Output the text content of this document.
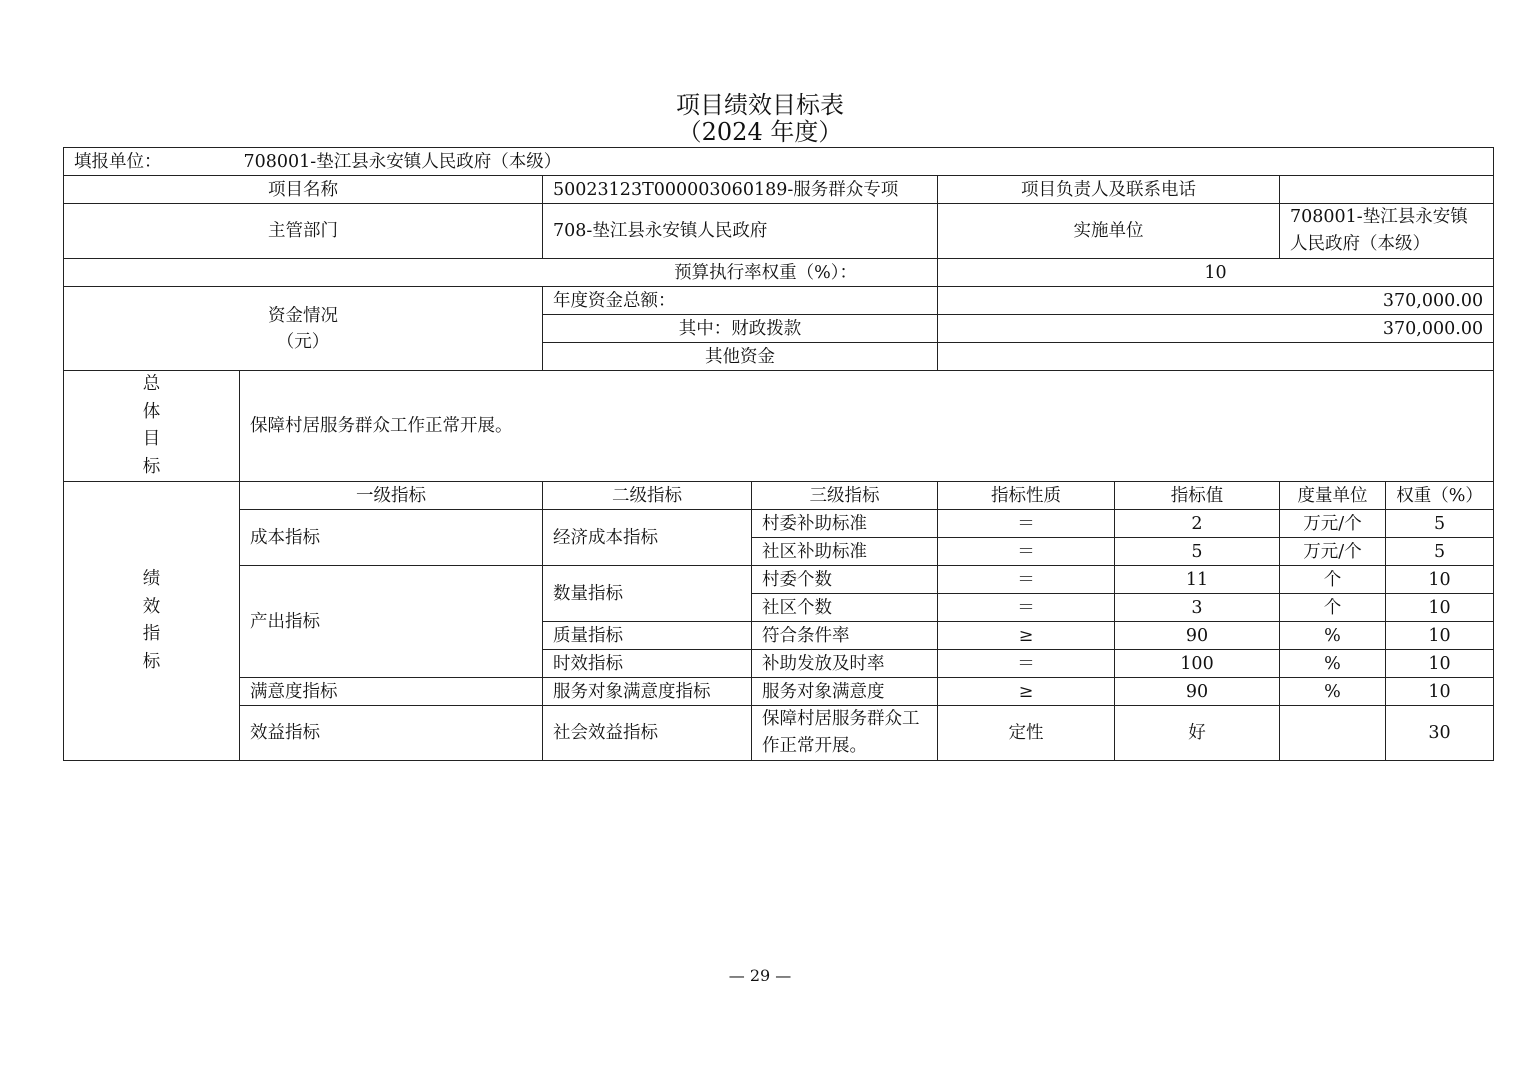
项目绩效目标表
（2024 年度）
填报单位： 708001-垫江县永安镇人民政府（本级）							
项目名称		50023123T000003060189-服务群众专项		项目负责人及联系电话			
主管部门		708-垫江县永安镇人民政府		实施单位		708001-垫江县永安镇人民政府（本级）	
预算执行率权重（%）：				10			

资金情况
（元）		年度资金总额：		370,000.00			
		其中：财政拨款		370,000.00			
		其他资金					

总
体
目
标	保障村居服务群众工作正常开展。						

绩
效
指
标	一级指标	二级指标	三级指标	指标性质	指标值	度量单位	权重（%）
	成本指标	经济成本指标	村委补助标准	＝	2	万元/个	5
			社区补助标准	＝	5	万元/个	5
	产出指标	数量指标	村委个数	＝	11	个	10
			社区个数	＝	3	个	10
		质量指标	符合条件率	≥	90	%	10
		时效指标	补助发放及时率	＝	100	%	10
	满意度指标	服务对象满意度指标	服务对象满意度	≥	90	%	10
	效益指标	社会效益指标	保障村居服务群众工作正常开展。	定性	好		30
— 29 —
